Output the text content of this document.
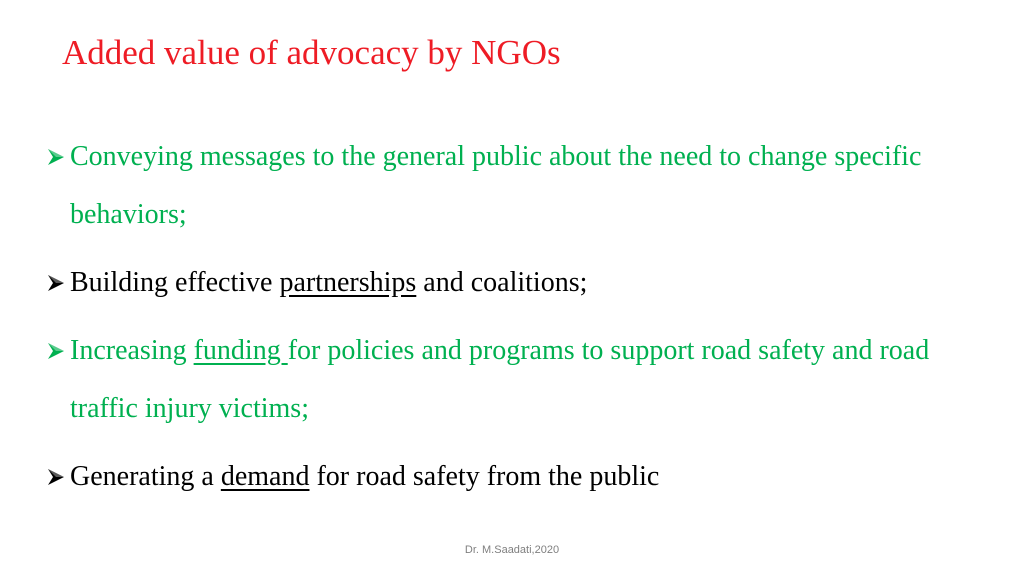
Added value of advocacy by NGOs
Conveying messages to the general public about the need to change specific behaviors;
Building effective partnerships and coalitions;
Increasing funding for policies and programs to support road safety and road traffic injury victims;
Generating a demand for road safety from the public
Dr. M.Saadati,2020
